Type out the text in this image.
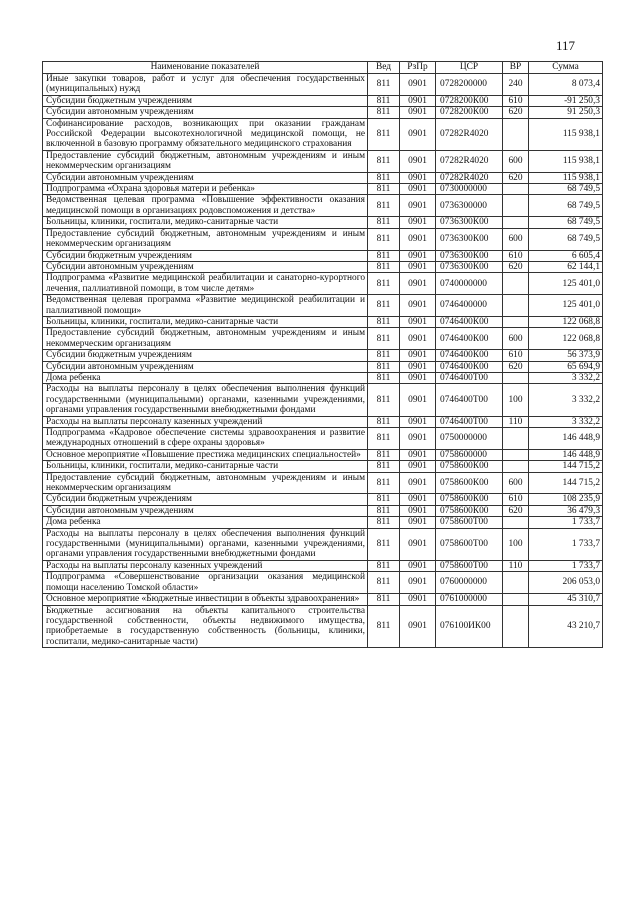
117
Наименование показателей	Вед	РзПр	ЦСР	ВР	Сумма
Иные закупки товаров, работ и услуг для обеспечения государственных (муниципальных) нужд	811	0901	0728200000	240	8 073,4
Субсидии бюджетным учреждениям	811	0901	0728200К00	610	-91 250,3
Субсидии автономным учреждениям	811	0901	0728200К00	620	91 250,3
Софинансирование расходов, возникающих при оказании гражданам Российской Федерации высокотехнологичной медицинской помощи, не включенной в базовую программу обязательного медицинского страхования	811	0901	07282R4020		115 938,1
Предоставление субсидий бюджетным, автономным учреждениям и иным некоммерческим организациям	811	0901	07282R4020	600	115 938,1
Субсидии автономным учреждениям	811	0901	07282R4020	620	115 938,1
Подпрограмма «Охрана здоровья матери и ребенка»	811	0901	0730000000		68 749,5
Ведомственная целевая программа «Повышение эффективности оказания медицинской помощи в организациях родовспоможения и детства»	811	0901	0736300000		68 749,5
Больницы, клиники, госпитали, медико-санитарные части	811	0901	0736300К00		68 749,5
Предоставление субсидий бюджетным, автономным учреждениям и иным некоммерческим организациям	811	0901	0736300К00	600	68 749,5
Субсидии бюджетным учреждениям	811	0901	0736300К00	610	6 605,4
Субсидии автономным учреждениям	811	0901	0736300К00	620	62 144,1
Подпрограмма «Развитие медицинской реабилитации и санаторно-курортного лечения, паллиативной помощи, в том числе детям»	811	0901	0740000000		125 401,0
Ведомственная целевая программа «Развитие медицинской реабилитации и паллиативной помощи»	811	0901	0746400000		125 401,0
Больницы, клиники, госпитали, медико-санитарные части	811	0901	0746400К00		122 068,8
Предоставление субсидий бюджетным, автономным учреждениям и иным некоммерческим организациям	811	0901	0746400К00	600	122 068,8
Субсидии бюджетным учреждениям	811	0901	0746400К00	610	56 373,9
Субсидии автономным учреждениям	811	0901	0746400К00	620	65 694,9
Дома ребенка	811	0901	0746400Т00		3 332,2
Расходы на выплаты персоналу в целях обеспечения выполнения функций государственными (муниципальными) органами, казенными учреждениями, органами управления государственными внебюджетными фондами	811	0901	0746400Т00	100	3 332,2
Расходы на выплаты персоналу казенных учреждений	811	0901	0746400Т00	110	3 332,2
Подпрограмма «Кадровое обеспечение системы здравоохранения и развитие международных отношений в сфере охраны здоровья»	811	0901	0750000000		146 448,9
Основное мероприятие «Повышение престижа медицинских специальностей»	811	0901	0758600000		146 448,9
Больницы, клиники, госпитали, медико-санитарные части	811	0901	0758600К00		144 715,2
Предоставление субсидий бюджетным, автономным учреждениям и иным некоммерческим организациям	811	0901	0758600К00	600	144 715,2
Субсидии бюджетным учреждениям	811	0901	0758600К00	610	108 235,9
Субсидии автономным учреждениям	811	0901	0758600К00	620	36 479,3
Дома ребенка	811	0901	0758600Т00		1 733,7
Расходы на выплаты персоналу в целях обеспечения выполнения функций государственными (муниципальными) органами, казенными учреждениями, органами управления государственными внебюджетными фондами	811	0901	0758600Т00	100	1 733,7
Расходы на выплаты персоналу казенных учреждений	811	0901	0758600Т00	110	1 733,7
Подпрограмма «Совершенствование организации оказания медицинской помощи населению Томской области»	811	0901	0760000000		206 053,0
Основное мероприятие «Бюджетные инвестиции в объекты здравоохранения»	811	0901	0761000000		45 310,7
Бюджетные ассигнования на объекты капитального строительства государственной собственности, объекты недвижимого имущества, приобретаемые в государственную собственность (больницы, клиники, госпитали, медико-санитарные части)	811	0901	076100ИК00		43 210,7
